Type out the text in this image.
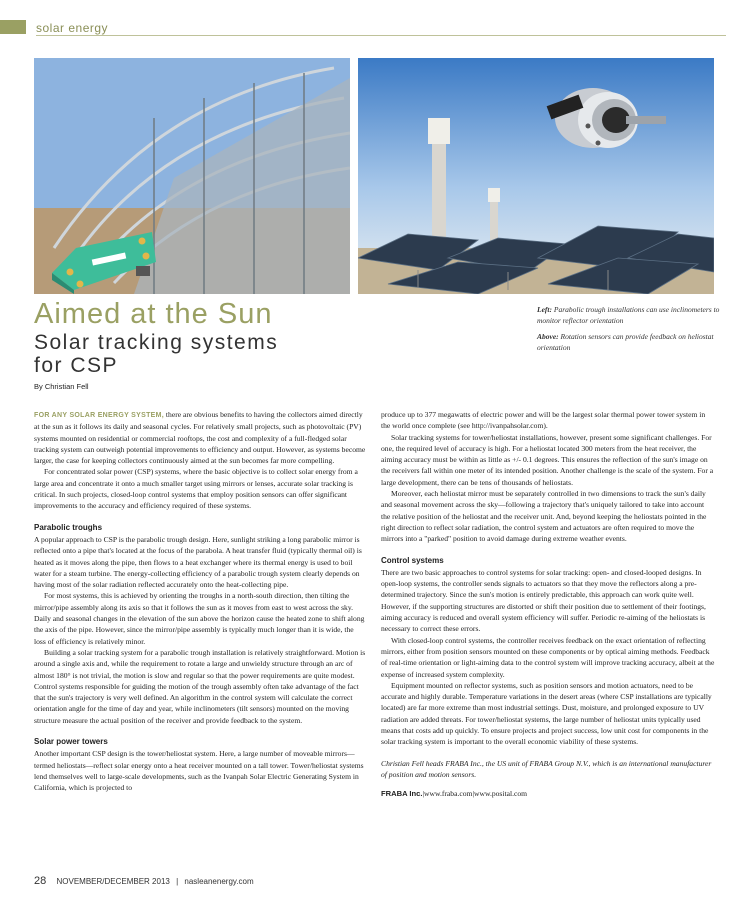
solar energy
Aimed at the Sun
Solar tracking systems
for CSP
By Christian Fell

Left: Parabolic trough installations can use inclinometers to monitor reflector orientation

Above: Rotation sensors can provide feedback on heliostat orientation

FOR ANY SOLAR ENERGY SYSTEM, there are obvious benefits to having the collectors aimed directly at the sun as it follows its daily and seasonal cycles. For relatively small projects, such as photovoltaic (PV) systems mounted on residential or commercial rooftops, the cost and complexity of a full-fledged solar tracking system can outweigh potential improvements to efficiency and output. However, as systems become larger, the case for keeping collectors continuously aimed at the sun becomes far more compelling.

For concentrated solar power (CSP) systems, where the basic objective is to collect solar energy from a large area and concentrate it onto a much smaller target using mirrors or lenses, accurate solar tracking is critical. In such projects, closed-loop control systems that employ position sensors can offer significant improvements to the accuracy and efficiency required of these systems.

Parabolic troughs

A popular approach to CSP is the parabolic trough design. Here, sunlight striking a long parabolic mirror is reflected onto a pipe that's located at the focus of the parabola. A heat transfer fluid (typically thermal oil) is heated as it moves along the pipe, then flows to a heat exchanger where its thermal energy is used to boil water for a steam turbine. The energy-collecting efficiency of a parabolic trough system clearly depends on having most of the solar radiation reflected accurately onto the heat-collecting pipe.

For most systems, this is achieved by orienting the troughs in a north-south direction, then tilting the mirror/pipe assembly along its axis so that it follows the sun as it moves from east to west across the sky. Daily and seasonal changes in the elevation of the sun above the horizon cause the heated zone to shift along the axis of the pipe. However, since the mirror/pipe assembly is typically much longer than it is wide, the loss of efficiency is relatively minor.

Building a solar tracking system for a parabolic trough installation is relatively straightforward. Motion is around a single axis and, while the requirement to rotate a large and unwieldy structure through an arc of almost 180° is not trivial, the motion is slow and regular so that the power requirements are quite modest. Control systems responsible for guiding the motion of the trough assembly often take advantage of the fact that the sun's trajectory is very well defined. An algorithm in the control system will calculate the correct orientation angle for the time of day and year, while inclinometers (tilt sensors) mounted on the moving structure measure the actual position of the receiver and provide feedback to the system.

Solar power towers

Another important CSP design is the tower/heliostat system. Here, a large number of moveable mirrors—termed heliostats—reflect solar energy onto a heat receiver mounted on a tall tower. Tower/heliostat systems lend themselves well to large-scale developments, such as the Ivanpah Solar Electric Generating System in California, which is projected to

produce up to 377 megawatts of electric power and will be the largest solar thermal power tower system in the world once complete (see http://ivanpahsolar.com).

Solar tracking systems for tower/heliostat installations, however, present some significant challenges. For one, the required level of accuracy is high. For a heliostat located 300 meters from the heat receiver, the aiming accuracy must be within as little as +/- 0.1 degrees. This ensures the reflection of the sun's image on the receivers fall within one meter of its intended position. Another challenge is the scale of the system. For a large development, there can be tens of thousands of heliostats.

Moreover, each heliostat mirror must be separately controlled in two dimensions to track the sun's daily and seasonal movement across the sky—following a trajectory that's uniquely tailored to take into account the relative position of the heliostat and the receiver unit. And, beyond keeping the heliostats pointed in the right direction to reflect solar radiation, the control system and actuators are often required to move the mirrors into a "parked" position to avoid damage during extreme weather events.

Control systems

There are two basic approaches to control systems for solar tracking: open- and closed-looped designs. In open-loop systems, the controller sends signals to actuators so that they move the reflectors along a pre-determined trajectory. Since the sun's motion is entirely predictable, this approach can work quite well. However, if the supporting structures are distorted or shift their position due to settlement of their footings, aiming accuracy is reduced and overall system efficiency will suffer. Periodic re-aiming of the heliostats is necessary to correct these errors.

With closed-loop control systems, the controller receives feedback on the exact orientation of reflecting mirrors, either from position sensors mounted on these components or by optical aiming methods. Feedback of real-time orientation or light-aiming data to the control system will improve tracking accuracy, albeit at the expense of increased system complexity.

Equipment mounted on reflector systems, such as position sensors and motion actuators, need to be accurate and highly durable. Temperature variations in the desert areas (where CSP installations are typically located) are far more extreme than most industrial settings. Dust, moisture, and prolonged exposure to UV radiation are added threats. For tower/heliostat systems, the large number of heliostat units typically used means that costs add up quickly. To ensure projects and project success, low unit cost for components in the solar tracking system is important to the overall economic viability of these systems.

Christian Fell heads FRABA Inc., the US unit of FRABA Group N.V., which is an international manufacturer of position and motion sensors.

FRABA Inc.|www.fraba.com|www.posital.com

28 NOVEMBER/DECEMBER 2013 | nasleanenergy.com
